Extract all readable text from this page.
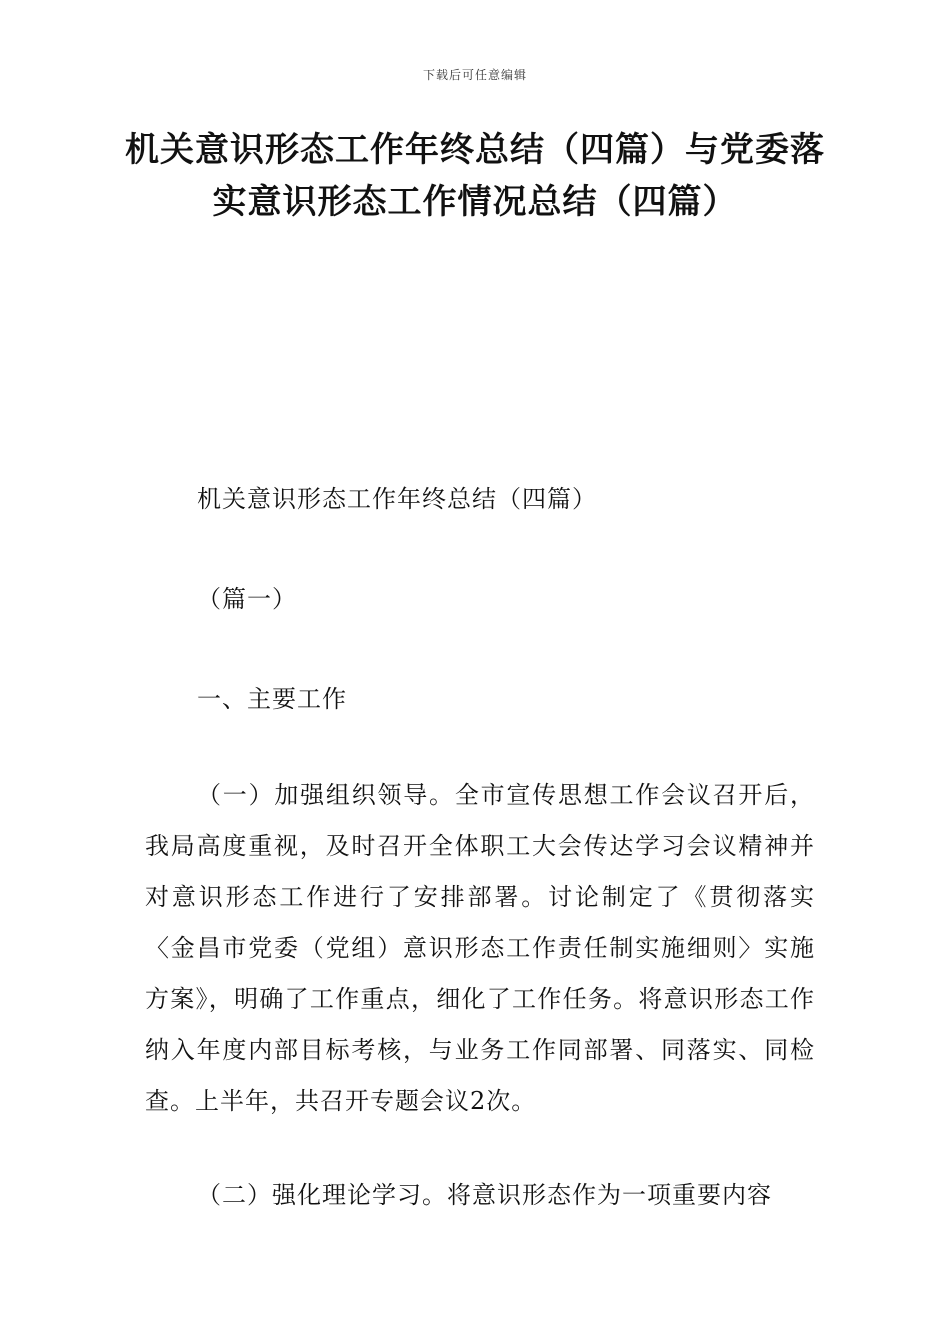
下载后可任意编辑
机关意识形态工作年终总结（四篇）与党委落实意识形态工作情况总结（四篇）
机关意识形态工作年终总结（四篇）
（篇一）
一、主要工作
（一）加强组织领导。全市宣传思想工作会议召开后，我局高度重视，及时召开全体职工大会传达学习会议精神并对意识形态工作进行了安排部署。讨论制定了《贯彻落实〈金昌市党委（党组）意识形态工作责任制实施细则〉实施方案》，明确了工作重点，细化了工作任务。将意识形态工作纳入年度内部目标考核，与业务工作同部署、同落实、同检查。上半年，共召开专题会议2次。
（二）强化理论学习。将意识形态作为一项重要内容
